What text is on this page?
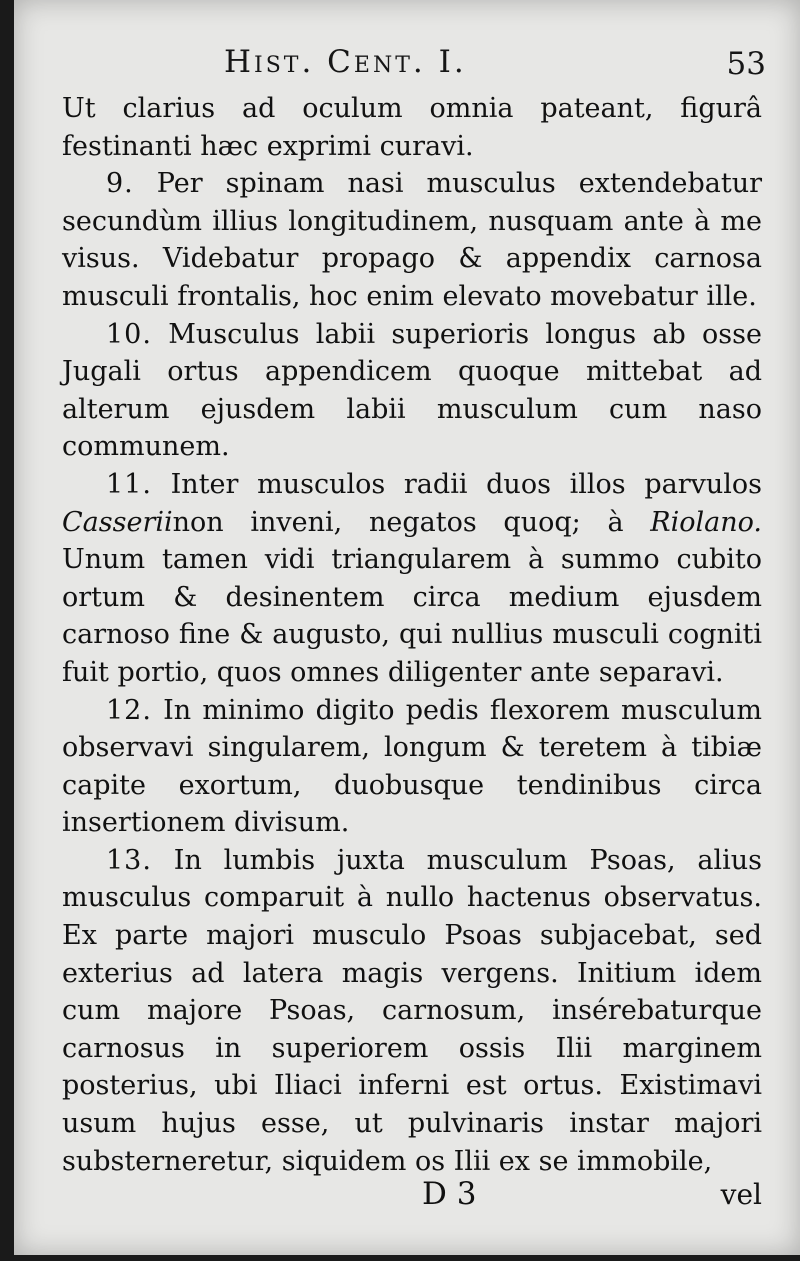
Hist. Cent. I.	53

Ut clarius ad oculum omnia pateant, figurâ festinanti hæc exprimi curavi.

9. Per spinam nasi musculus extendebatur secundùm illius longitudinem, nusquam ante à me visus. Videbatur propago & appendix carnosa musculi frontalis, hoc enim elevato movebatur ille.

10. Musculus labii superioris longus ab osse Jugali ortus appendicem quoque mittebat ad alterum ejusdem labii musculum cum naso communem.

11. Inter musculos radii duos illos parvulos Casseriinon inveni, negatos quoq; à Riolano. Unum tamen vidi triangularem à summo cubito ortum & desinentem circa medium ejusdem carnoso fine & augusto, qui nullius musculi cogniti fuit portio, quos omnes diligenter ante separavi.

12. In minimo digito pedis flexorem musculum observavi singularem, longum & teretem à tibiæ capite exortum, duobusque tendinibus circa insertionem divisum.

13. In lumbis juxta musculum Psoas, alius musculus comparuit à nullo hactenus observatus. Ex parte majori musculo Psoas subjacebat, sed exterius ad latera magis vergens. Initium idem cum majore Psoas, carnosum, insérebaturque carnosus in superiorem ossis Ilii marginem posterius, ubi Iliaci inferni est ortus. Existimavi usum hujus esse, ut pulvinaris instar majori substerneretur, siquidem os Ilii ex se immobile,

D 3	vel
